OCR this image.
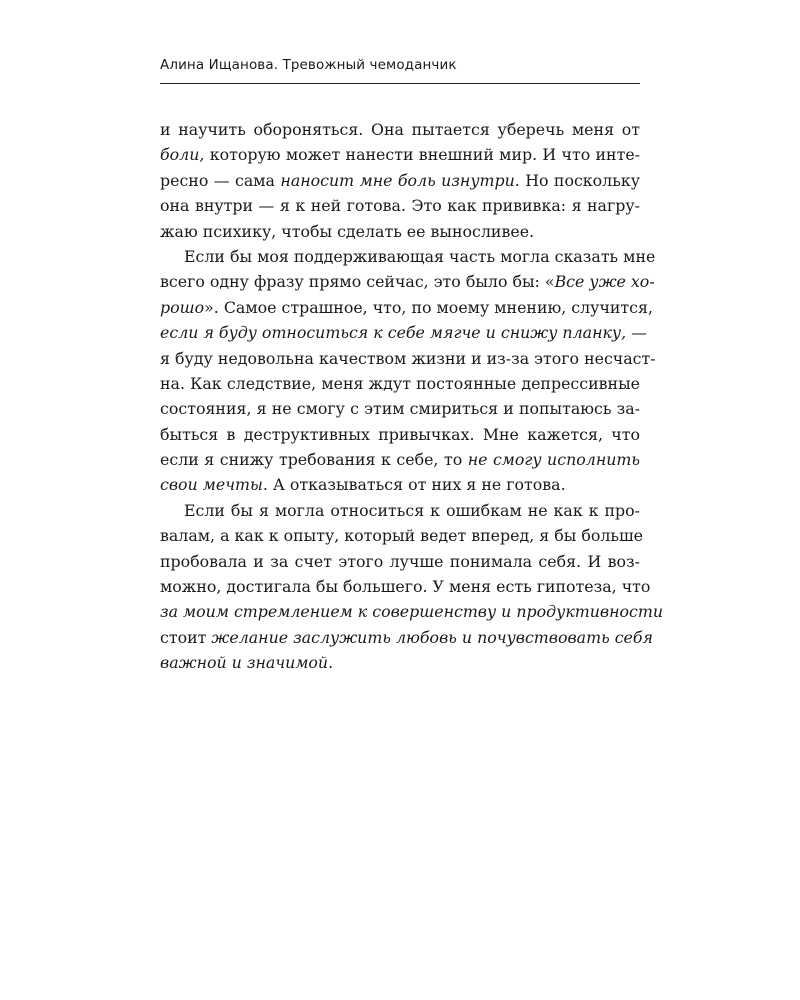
Алина Ищанова. Тревожный чемоданчик
и научить обороняться. Она пытается уберечь меня от
боли, которую может нанести внешний мир. И что инте-
ресно — сама наносит мне боль изнутри. Но поскольку
она внутри — я к ней готова. Это как прививка: я нагру-
жаю психику, чтобы сделать ее выносливее.
Если бы моя поддерживающая часть могла сказать мне
всего одну фразу прямо сейчас, это было бы: «Все уже хо-
рошо». Самое страшное, что, по моему мнению, случится,
если я буду относиться к себе мягче и снижу планку, —
я буду недовольна качеством жизни и из-за этого несчаст-
на. Как следствие, меня ждут постоянные депрессивные
состояния, я не смогу с этим смириться и попытаюсь за-
быться в деструктивных привычках. Мне кажется, что
если я снижу требования к себе, то не смогу исполнить
свои мечты. А отказываться от них я не готова.
Если бы я могла относиться к ошибкам не как к про-
валам, а как к опыту, который ведет вперед, я бы больше
пробовала и за счет этого лучше понимала себя. И воз-
можно, достигала бы большего. У меня есть гипотеза, что
за моим стремлением к совершенству и продуктивности
стоит желание заслужить любовь и почувствовать себя
важной и значимой.
